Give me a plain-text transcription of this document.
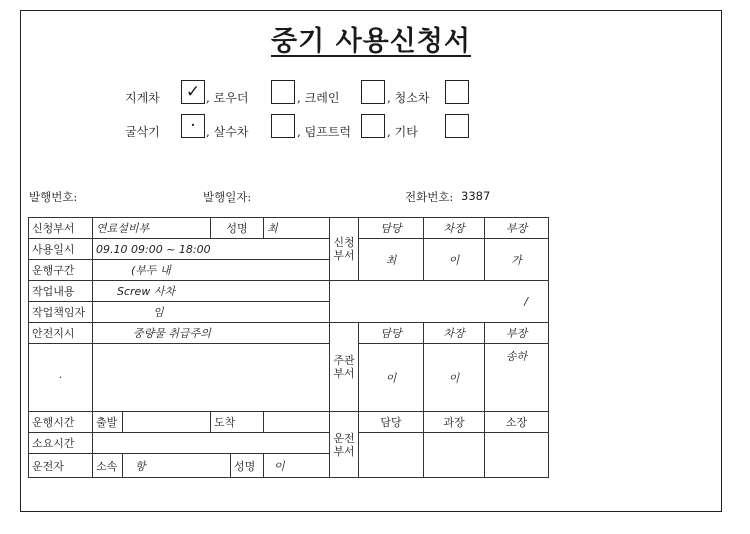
중기 사용신청서
지게차 ✓ , 로우더	, 크레인	, 청소차
굴삭기	· , 살수차	, 덤프트럭	, 기타
발행번호:	발행일자:	전화번호: 3387
신청부서	연료설비부		성명		최	신청부서	담당	차장	부장
사용일시	09.10 09:00 ~ 18:00						최	이	가
운행구간	(부두 내								
작업내용	Screw 사차					/			
작업책임자	임								
안전지시	중량물 취급주의					주관부서	담당	차장	부장
·							이	이	송하

운행시간	출발		도착			운전부서	담당	과장	소장
소요시간									
운전자	소속	항		성명	이				
